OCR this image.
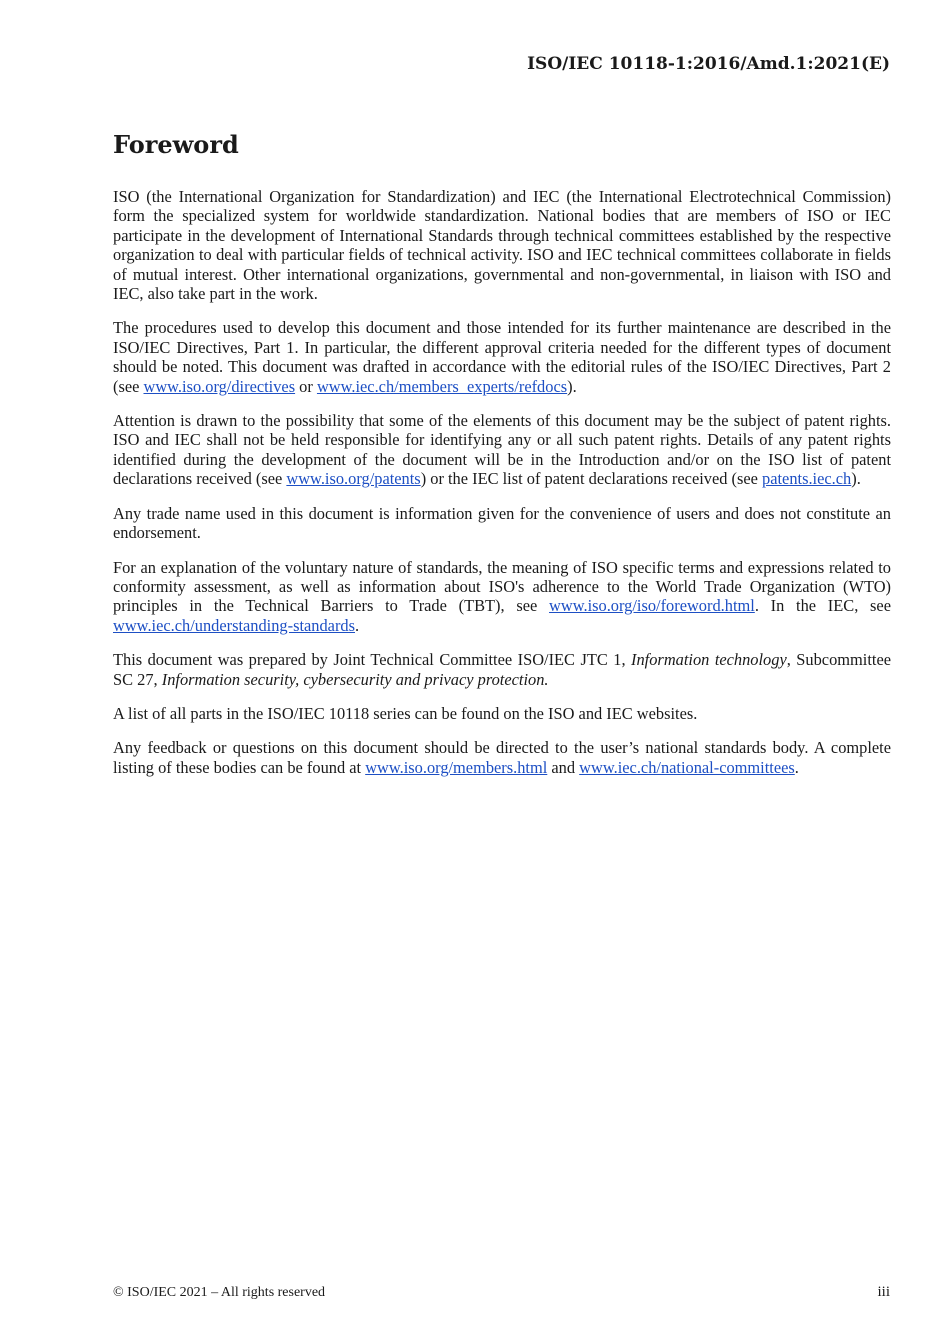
ISO/IEC 10118-1:2016/Amd.1:2021(E)

Foreword

ISO (the International Organization for Standardization) and IEC (the International Electrotechnical Commission) form the specialized system for worldwide standardization. National bodies that are members of ISO or IEC participate in the development of International Standards through technical committees established by the respective organization to deal with particular fields of technical activity. ISO and IEC technical committees collaborate in fields of mutual interest. Other international organizations, governmental and non-governmental, in liaison with ISO and IEC, also take part in the work.

The procedures used to develop this document and those intended for its further maintenance are described in the ISO/IEC Directives, Part 1. In particular, the different approval criteria needed for the different types of document should be noted. This document was drafted in accordance with the editorial rules of the ISO/IEC Directives, Part 2 (see www.iso.org/directives or www.iec.ch/members_experts/refdocs).

Attention is drawn to the possibility that some of the elements of this document may be the subject of patent rights. ISO and IEC shall not be held responsible for identifying any or all such patent rights. Details of any patent rights identified during the development of the document will be in the Introduction and/or on the ISO list of patent declarations received (see www.iso.org/patents) or the IEC list of patent declarations received (see patents.iec.ch).

Any trade name used in this document is information given for the convenience of users and does not constitute an endorsement.

For an explanation of the voluntary nature of standards, the meaning of ISO specific terms and expressions related to conformity assessment, as well as information about ISO's adherence to the World Trade Organization (WTO) principles in the Technical Barriers to Trade (TBT), see www.iso.org/iso/foreword.html. In the IEC, see www.iec.ch/understanding-standards.

This document was prepared by Joint Technical Committee ISO/IEC JTC 1, Information technology, Subcommittee SC 27, Information security, cybersecurity and privacy protection.

A list of all parts in the ISO/IEC 10118 series can be found on the ISO and IEC websites.

Any feedback or questions on this document should be directed to the user’s national standards body. A complete listing of these bodies can be found at www.iso.org/members.html and www.iec.ch/national-committees.

© ISO/IEC 2021 – All rights reserved	iii
